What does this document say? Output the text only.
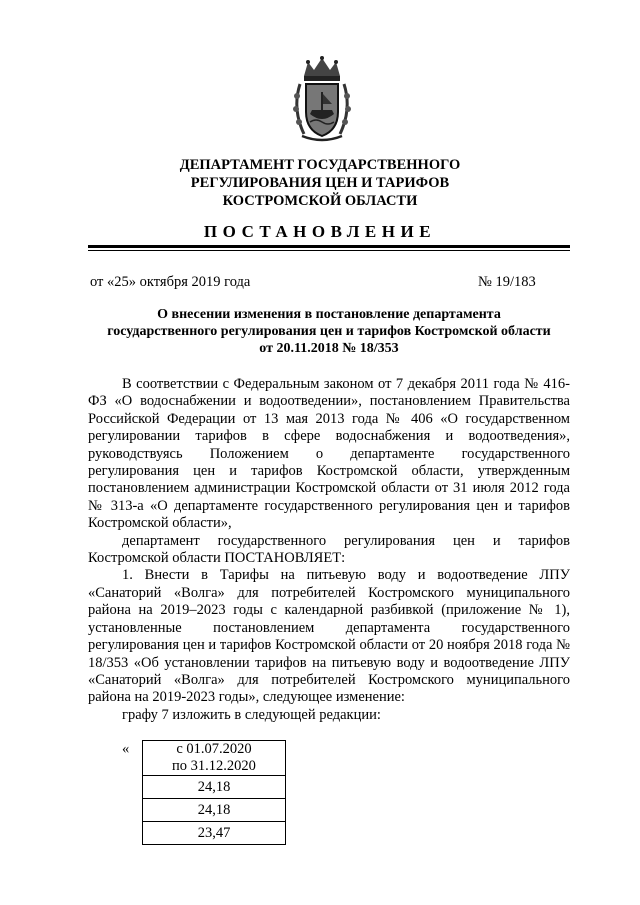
ДЕПАРТАМЕНТ ГОСУДАРСТВЕННОГО
РЕГУЛИРОВАНИЯ ЦЕН И ТАРИФОВ
КОСТРОМСКОЙ ОБЛАСТИ
ПОСТАНОВЛЕНИЕ
от «25» октября 2019 года	№ 19/183
О внесении изменения в постановление департамента
государственного регулирования цен и тарифов Костромской области
от 20.11.2018 № 18/353

В соответствии с Федеральным законом от 7 декабря 2011 года № 416-ФЗ «О водоснабжении и водоотведении», постановлением Правительства Российской Федерации от 13 мая 2013 года № 406 «О государственном регулировании тарифов в сфере водоснабжения и водоотведения», руководствуясь Положением о департаменте государственного регулирования цен и тарифов Костромской области, утвержденным постановлением администрации Костромской области от 31 июля 2012 года № 313-а «О департаменте государственного регулирования цен и тарифов Костромской области»,

департамент государственного регулирования цен и тарифов Костромской области ПОСТАНОВЛЯЕТ:

1. Внести в Тарифы на питьевую воду и водоотведение ЛПУ «Санаторий «Волга» для потребителей Костромского муниципального района на 2019–2023 годы с календарной разбивкой (приложение № 1), установленные постановлением департамента государственного регулирования цен и тарифов Костромской области от 20 ноября 2018 года № 18/353 «Об установлении тарифов на питьевую воду и водоотведение ЛПУ «Санаторий «Волга» для потребителей Костромского муниципального района на 2019-2023 годы», следующее изменение:

графу 7 изложить в следующей редакции:

«	с 01.07.2020
по 31.12.2020

24,18
24,18
23,47
